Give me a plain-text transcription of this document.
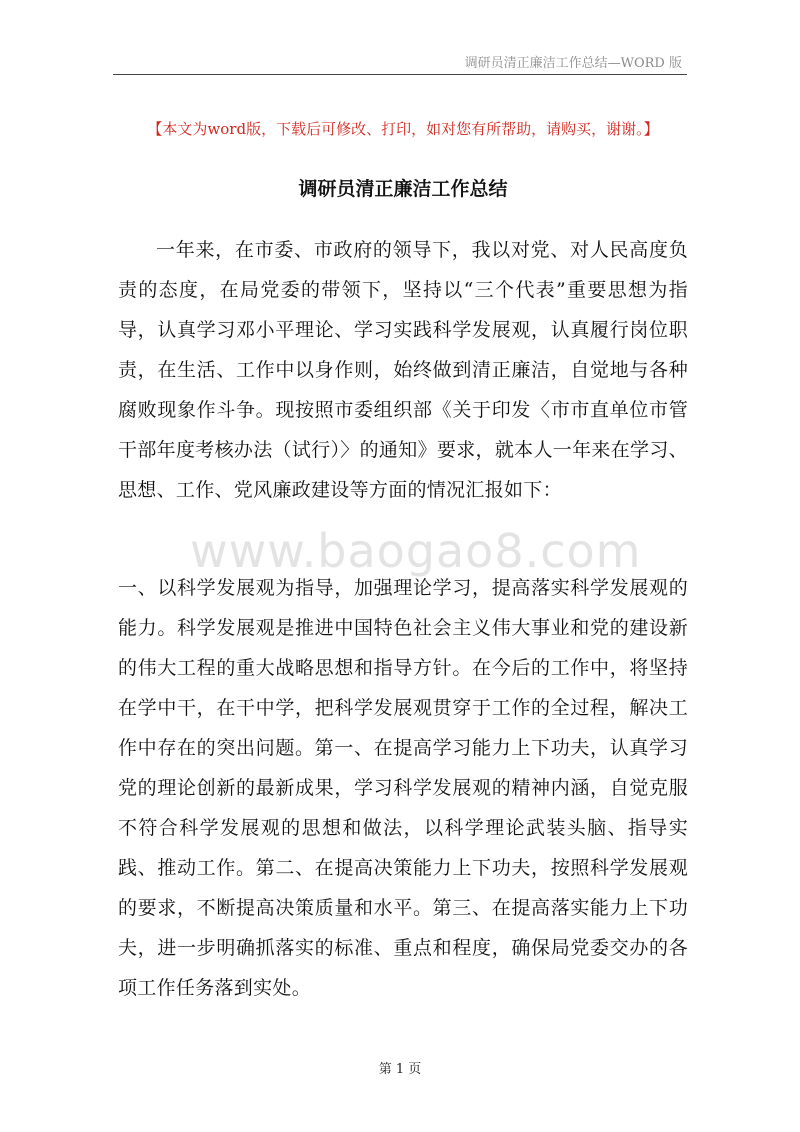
调研员清正廉洁工作总结—WORD 版
【本文为word版，下载后可修改、打印，如对您有所帮助，请购买，谢谢。】
调研员清正廉洁工作总结
一年来，在市委、市政府的领导下，我以对党、对人民高度负责的态度，在局党委的带领下，坚持以“三个代表”重要思想为指导，认真学习邓小平理论、学习实践科学发展观，认真履行岗位职责，在生活、工作中以身作则，始终做到清正廉洁，自觉地与各种腐败现象作斗争。现按照市委组织部《关于印发〈市市直单位市管干部年度考核办法（试行）〉的通知》要求，就本人一年来在学习、思想、工作、党风廉政建设等方面的情况汇报如下：
www.baogao8.com
一、以科学发展观为指导，加强理论学习，提高落实科学发展观的能力。科学发展观是推进中国特色社会主义伟大事业和党的建设新的伟大工程的重大战略思想和指导方针。在今后的工作中，将坚持在学中干，在干中学，把科学发展观贯穿于工作的全过程，解决工作中存在的突出问题。第一、在提高学习能力上下功夫，认真学习党的理论创新的最新成果，学习科学发展观的精神内涵，自觉克服不符合科学发展观的思想和做法，以科学理论武装头脑、指导实践、推动工作。第二、在提高决策能力上下功夫，按照科学发展观的要求，不断提高决策质量和水平。第三、在提高落实能力上下功夫，进一步明确抓落实的标准、重点和程度，确保局党委交办的各项工作任务落到实处。
第 1 页
